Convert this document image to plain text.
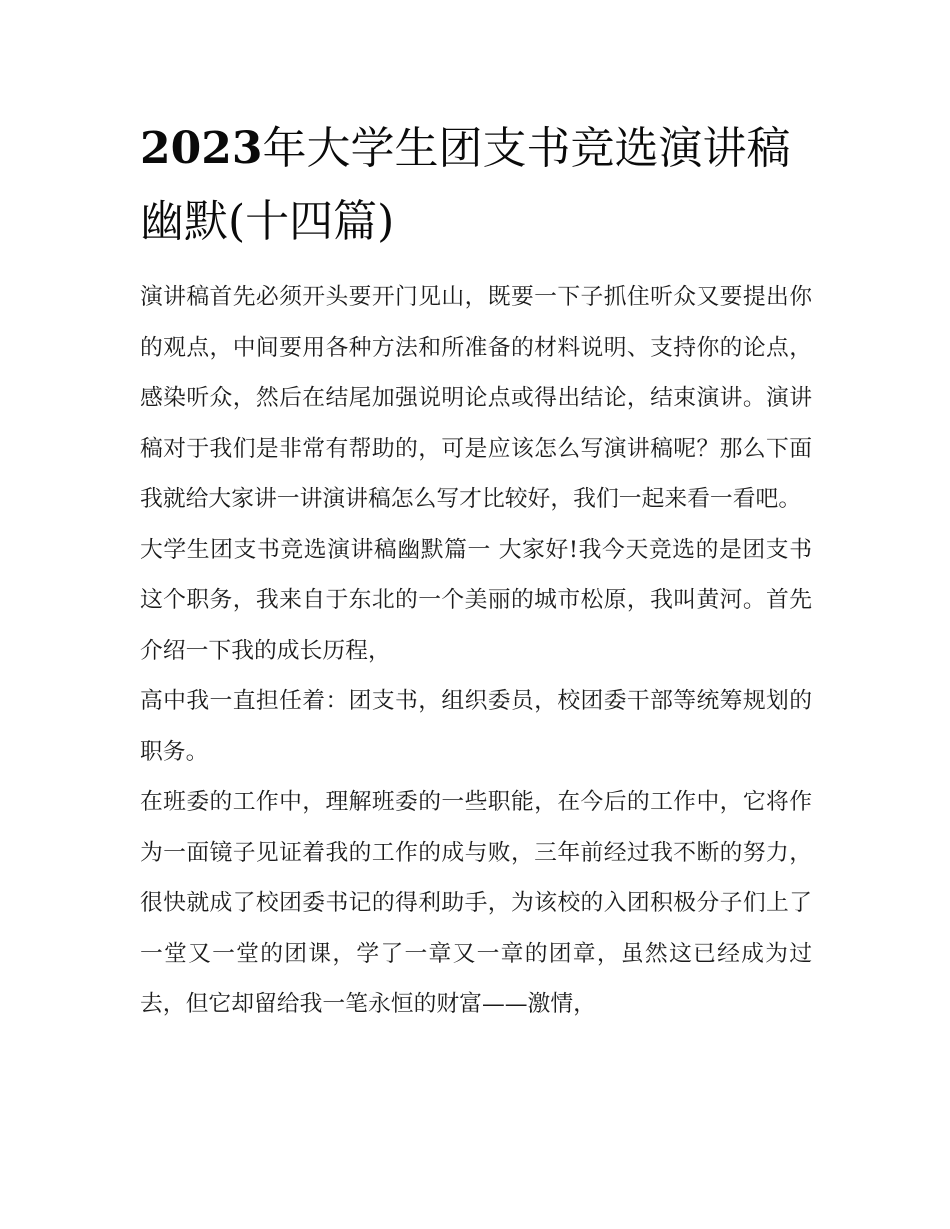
2023年大学生团支书竞选演讲稿幽默(十四篇)

演讲稿首先必须开头要开门见山，既要一下子抓住听众又要提出你的观点，中间要用各种方法和所准备的材料说明、支持你的论点，感染听众，然后在结尾加强说明论点或得出结论，结束演讲。演讲稿对于我们是非常有帮助的，可是应该怎么写演讲稿呢？那么下面我就给大家讲一讲演讲稿怎么写才比较好，我们一起来看一看吧。

大学生团支书竞选演讲稿幽默篇一 大家好!我今天竞选的是团支书这个职务，我来自于东北的一个美丽的城市松原，我叫黄河。首先介绍一下我的成长历程，

高中我一直担任着：团支书，组织委员，校团委干部等统筹规划的职务。

在班委的工作中，理解班委的一些职能，在今后的工作中，它将作为一面镜子见证着我的工作的成与败，三年前经过我不断的努力，很快就成了校团委书记的得利助手，为该校的入团积极分子们上了一堂又一堂的团课，学了一章又一章的团章，虽然这已经成为过去，但它却留给我一笔永恒的财富——激情，
